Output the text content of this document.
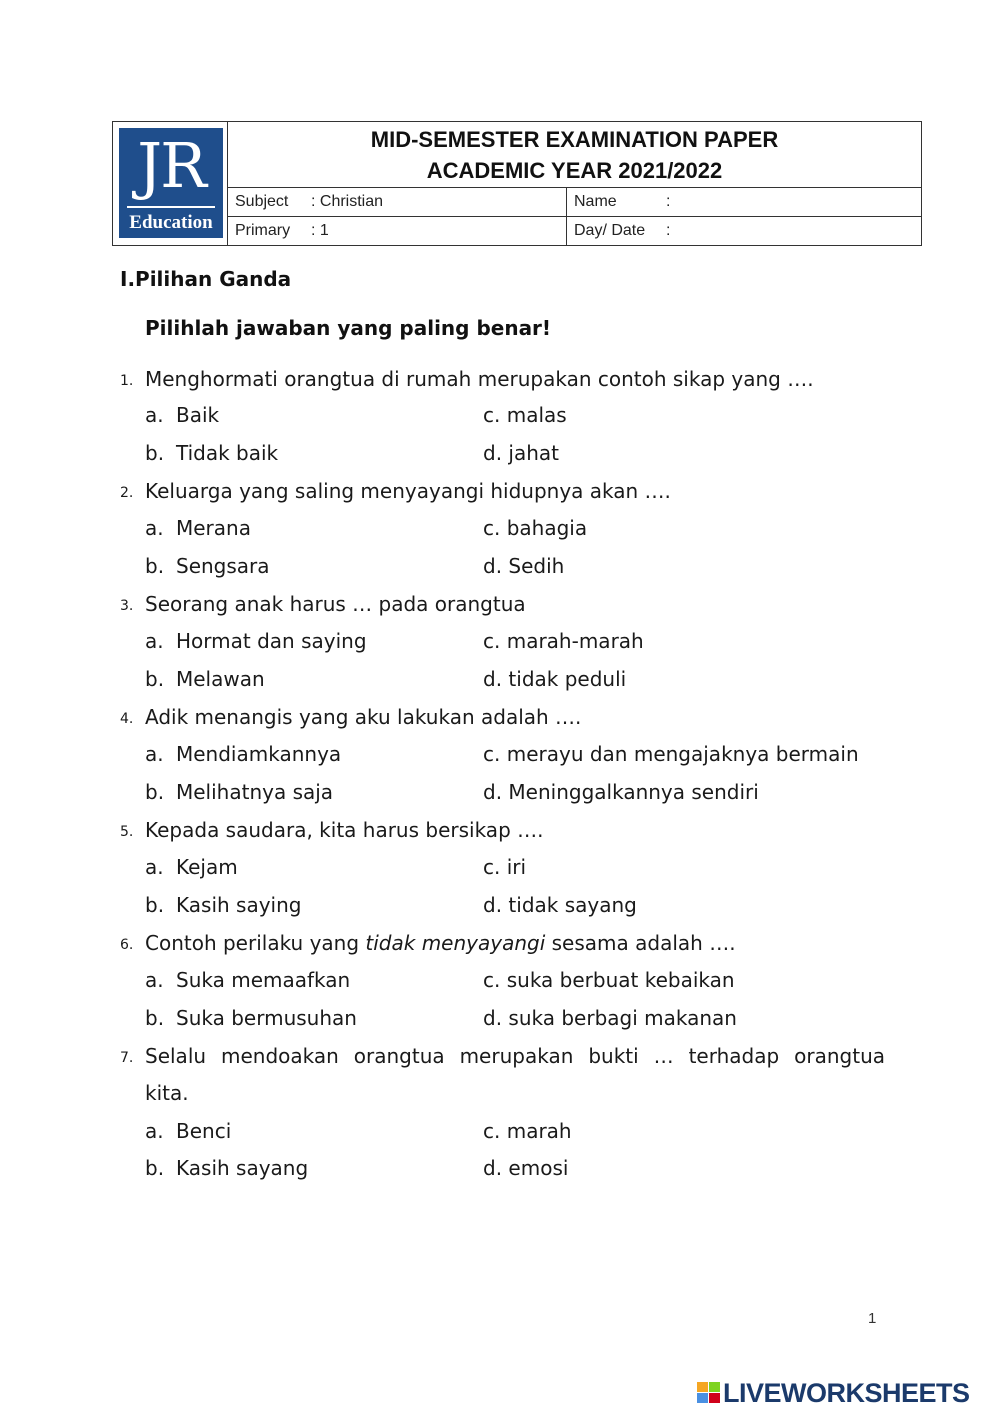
JR
Education
MID-SEMESTER EXAMINATION PAPER
ACADEMIC YEAR 2021/2022
Subject : Christian	Name	:
Primary : 1	Day/ Date :
I.Pilihan Ganda
Pilihlah jawaban yang paling benar!
1. Menghormati orangtua di rumah merupakan contoh sikap yang ….
a. Baik	c. malas
b. Tidak baik	d. jahat
2. Keluarga yang saling menyayangi hidupnya akan ….
a. Merana	c. bahagia
b. Sengsara	d. Sedih
3. Seorang anak harus … pada orangtua
a. Hormat dan saying	c. marah-marah
b. Melawan	d. tidak peduli
4. Adik menangis yang aku lakukan adalah ….
a. Mendiamkannya	c. merayu dan mengajaknya bermain
b. Melihatnya saja	d. Meninggalkannya sendiri
5. Kepada saudara, kita harus bersikap ….
a. Kejam	c. iri
b. Kasih saying	d. tidak sayang
6. Contoh perilaku yang tidak menyayangi sesama adalah ….
a. Suka memaafkan	c. suka berbuat kebaikan
b. Suka bermusuhan	d. suka berbagi makanan
7. Selalu mendoakan orangtua merupakan bukti … terhadap orangtua
kita.
a. Benci	c. marah
b. Kasih sayang	d. emosi
1
LIVEWORKSHEETS
